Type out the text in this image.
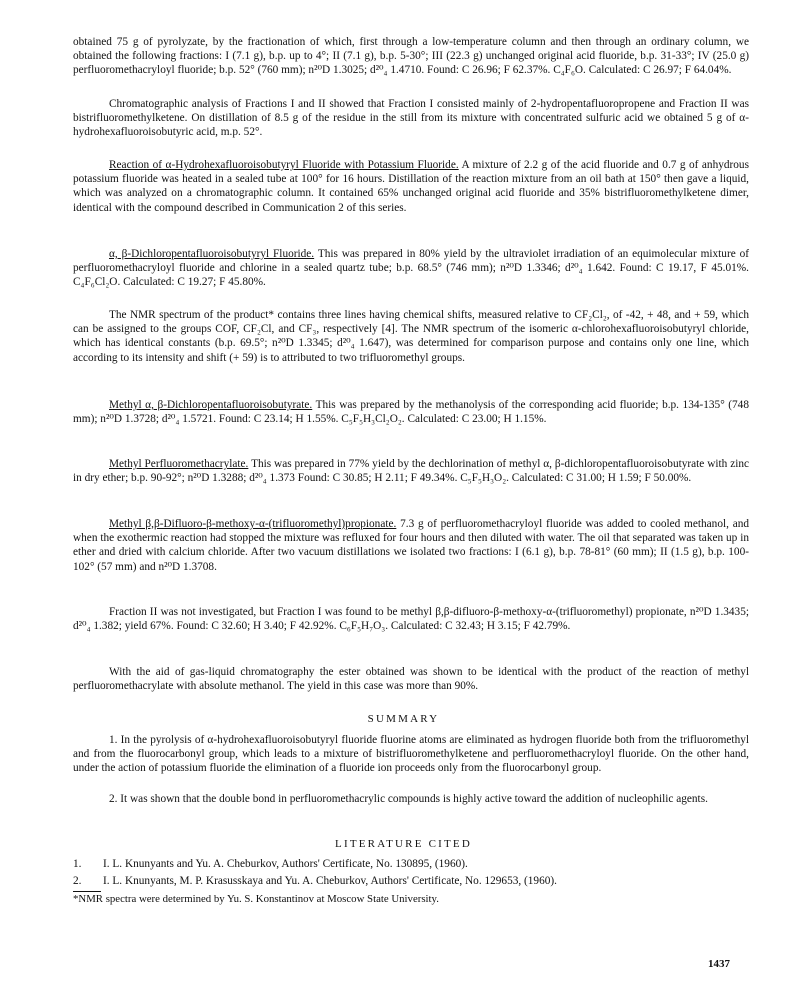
obtained 75 g of pyrolyzate, by the fractionation of which, first through a low-temperature column and then through an ordinary column, we obtained the following fractions: I (7.1 g), b.p. up to 4°; II (7.1 g), b.p. 5-30°; III (22.3 g) unchanged original acid fluoride, b.p. 31-33°; IV (25.0 g) perfluoromethacryloyl fluoride; b.p. 52° (760 mm); n²⁰D 1.3025; d²⁰₄ 1.4710. Found: C 26.96; F 62.37%. C₄F₆O. Calculated: C 26.97; F 64.04%.

Chromatographic analysis of Fractions I and II showed that Fraction I consisted mainly of 2-hydropentafluoropropene and Fraction II was bistrifluoromethylketene. On distillation of 8.5 g of the residue in the still from its mixture with concentrated sulfuric acid we obtained 5 g of α-hydrohexafluoroisobutyric acid, m.p. 52°.

Reaction of α-Hydrohexafluoroisobutyryl Fluoride with Potassium Fluoride. A mixture of 2.2 g of the acid fluoride and 0.7 g of anhydrous potassium fluoride was heated in a sealed tube at 100° for 16 hours. Distillation of the reaction mixture from an oil bath at 150° then gave a liquid, which was analyzed on a chromatographic column. It contained 65% unchanged original acid fluoride and 35% bistrifluoromethylketene dimer, identical with the compound described in Communication 2 of this series.

α, β-Dichloropentafluoroisobutyryl Fluoride. This was prepared in 80% yield by the ultraviolet irradiation of an equimolecular mixture of perfluoromethacryloyl fluoride and chlorine in a sealed quartz tube; b.p. 68.5° (746 mm); n²⁰D 1.3346; d²⁰₄ 1.642. Found: C 19.17, F 45.01%. C₄F₆Cl₂O. Calculated: C 19.27; F 45.80%.

The NMR spectrum of the product* contains three lines having chemical shifts, measured relative to CF₂Cl₂, of -42, + 48, and + 59, which can be assigned to the groups COF, CF₂Cl, and CF₃, respectively [4]. The NMR spectrum of the isomeric α-chlorohexafluoroisobutyryl chloride, which has identical constants (b.p. 69.5°; n²⁰D 1.3345; d²⁰₄ 1.647), was determined for comparison purpose and contains only one line, which according to its intensity and shift (+ 59) is to attributed to two trifluoromethyl groups.

Methyl α, β-Dichloropentafluoroisobutyrate. This was prepared by the methanolysis of the corresponding acid fluoride; b.p. 134-135° (748 mm); n²⁰D 1.3728; d²⁰₄ 1.5721. Found: C 23.14; H 1.55%. C₅F₅H₃Cl₂O₂. Calculated: C 23.00; H 1.15%.

Methyl Perfluoromethacrylate. This was prepared in 77% yield by the dechlorination of methyl α, β-dichloropentafluoroisobutyrate with zinc in dry ether; b.p. 90-92°; n²⁰D 1.3288; d²⁰₄ 1.373 Found: C 30.85; H 2.11; F 49.34%. C₅F₅H₃O₂. Calculated: C 31.00; H 1.59; F 50.00%.

Methyl β,β-Difluoro-β-methoxy-α-(trifluoromethyl)propionate. 7.3 g of perfluoromethacryloyl fluoride was added to cooled methanol, and when the exothermic reaction had stopped the mixture was refluxed for four hours and then diluted with water. The oil that separated was taken up in ether and dried with calcium chloride. After two vacuum distillations we isolated two fractions: I (6.1 g), b.p. 78-81° (60 mm); II (1.5 g), b.p. 100-102° (57 mm) and n²⁰D 1.3708.

Fraction II was not investigated, but Fraction I was found to be methyl β,β-difluoro-β-methoxy-α-(trifluoromethyl) propionate, n²⁰D 1.3435; d²⁰₄ 1.382; yield 67%. Found: C 32.60; H 3.40; F 42.92%. C₆F₅H₇O₃. Calculated: C 32.43; H 3.15; F 42.79%.

With the aid of gas-liquid chromatography the ester obtained was shown to be identical with the product of the reaction of methyl perfluoromethacrylate with absolute methanol. The yield in this case was more than 90%.

SUMMARY

1. In the pyrolysis of α-hydrohexafluoroisobutyryl fluoride fluorine atoms are eliminated as hydrogen fluoride both from the trifluoromethyl and from the fluorocarbonyl group, which leads to a mixture of bistrifluoromethylketene and perfluoromethacryloyl fluoride. On the other hand, under the action of potassium fluoride the elimination of a fluoride ion proceeds only from the fluorocarbonyl group.

2. It was shown that the double bond in perfluoromethacrylic compounds is highly active toward the addition of nucleophilic agents.

LITERATURE CITED

1. I. L. Knunyants and Yu. A. Cheburkov, Authors' Certificate, No. 130895, (1960).

2. I. L. Knunyants, M. P. Krasusskaya and Yu. A. Cheburkov, Authors' Certificate, No. 129653, (1960).

*NMR spectra were determined by Yu. S. Konstantinov at Moscow State University.

1437
